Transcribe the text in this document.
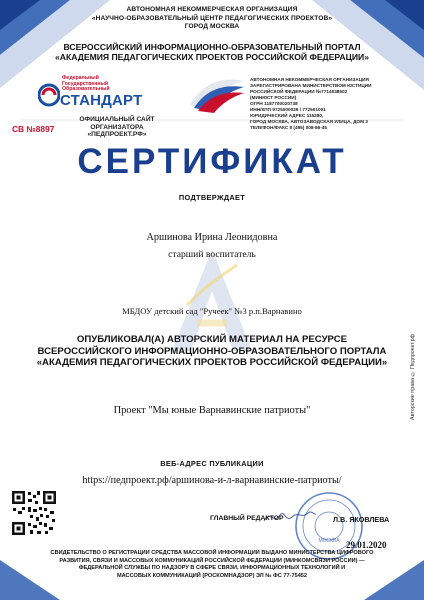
АВТОНОМНАЯ НЕКОММЕРЧЕСКАЯ ОРГАНИЗАЦИЯ
«НАУЧНО-ОБРАЗОВАТЕЛЬНЫЙ ЦЕНТР ПЕДАГОГИЧЕСКИХ ПРОЕКТОВ»
ГОРОД МОСКВА
ВСЕРОССИЙСКИЙ ИНФОРМАЦИОННО-ОБРАЗОВАТЕЛЬНЫЙ ПОРТАЛ
«АКАДЕМИЯ ПЕДАГОГИЧЕСКИХ ПРОЕКТОВ РОССИЙСКОЙ ФЕДЕРАЦИИ»
Федеральный
Государственный
Образовательный
СТАНДАРТ
ОФИЦИАЛЬНЫЙ САЙТ
ОРГАНИЗАТОРА
«ПЕДПРОЕКТ.РФ»
СВ №8897
АВТОНОМНАЯ НЕКОММЕРЧЕСКАЯ ОРГАНИЗАЦИЯ
ЗАРЕГИСТРИРОВАНА МИНИСТЕРСТВОМ ЮСТИЦИИ
РОССИЙСКОЙ ФЕДЕРАЦИИ №7714038502
(МИНЮСТ РОССИИ)
ОГРН 1187700020738
ИНН/КПП 9725000029 / 772501001
ЮРИДИЧЕСКИЙ АДРЕС 115280,
ГОРОД МОСКВА, АВТОЗАВОДСКАЯ УЛИЦА, ДОМ 3
ТЕЛЕФОН/ФАКС 8 (495) 008-86-45
СЕРТИФИКАТ
ПОДТВЕРЖДАЕТ
Аршинова Ирина Леонидовна
старший воспитатель
МБДОУ детский сад "Ручеек" №3 р.п.Варнавино
ОПУБЛИКОВАЛ(А) АВТОРСКИЙ МАТЕРИАЛ НА РЕСУРСЕ
ВСЕРОССИЙСКОГО ИНФОРМАЦИОННО-ОБРАЗОВАТЕЛЬНОГО ПОРТАЛА
«АКАДЕМИЯ ПЕДАГОГИЧЕСКИХ ПРОЕКТОВ РОССИЙСКОЙ ФЕДЕРАЦИИ»
Проект "Мы юные Варнавинские патриоты"
ВЕБ-АДРЕС ПУБЛИКАЦИИ
https://педпроект.рф/аршинова-и-л-варнавинские-патриоты/
МОСКВА
ГЛАВНЫЙ РЕДАКТОР	Л.В. ЯКОВЛЕВА
29.01.2020
СВИДЕТЕЛЬСТВО О РЕГИСТРАЦИИ СРЕДСТВА МАССОВОЙ ИНФОРМАЦИИ ВЫДАНО МИНИСТЕРСТВА ЦИФРОВОГО
РАЗВИТИЯ, СВЯЗИ И МАССОВЫХ КОММУНИКАЦИЙ РОССИЙСКОЙ ФЕДЕРАЦИИ (МИНКОМСВЯЗИ РОССИИ) —
ФЕДЕРАЛЬНОЙ СЛУЖБЫ ПО НАДЗОРУ В СФЕРЕ СВЯЗИ, ИНФОРМАЦИОННЫХ ТЕХНОЛОГИЙ И
МАССОВЫХ КОММУНИКАЦИЙ (РОСКОМНАДЗОР) ЭЛ № ФС 77-75452
Авторские права © Педпроект.рф
